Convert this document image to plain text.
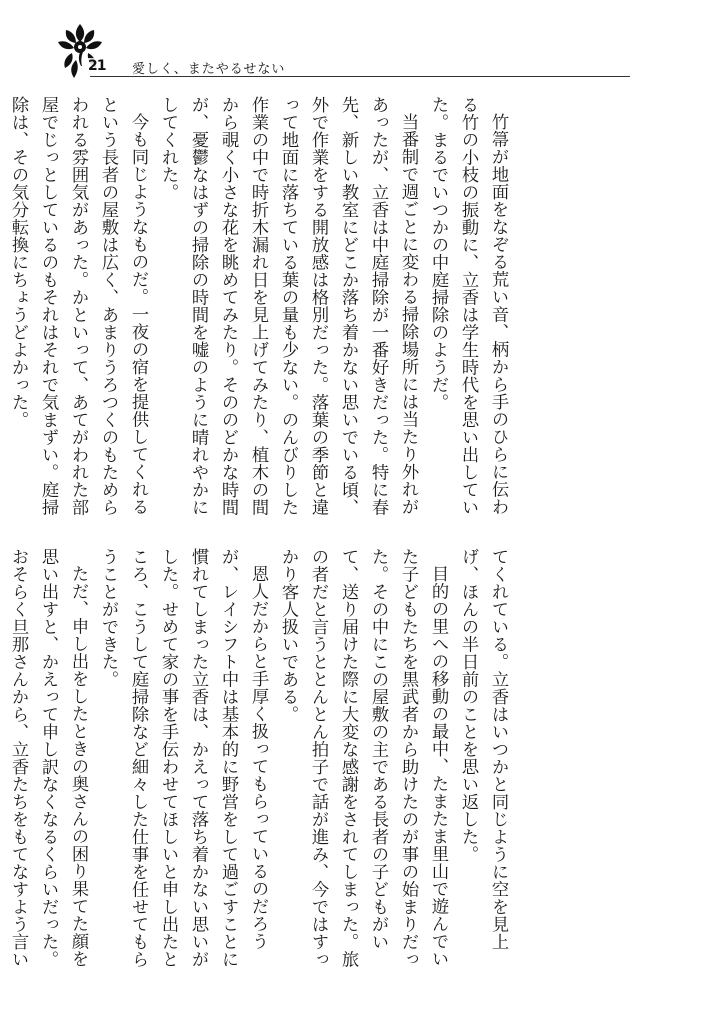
21 愛しく、またやるせない

竹箒が地面をなぞる荒い音、柄から手のひらに伝わる竹の小枝の振動に、立香は学生時代を思い出していた。まるでいつかの中庭掃除のようだ。

当番制で週ごとに変わる掃除場所には当たり外れがあったが、立香は中庭掃除が一番好きだった。特に春先、新しい教室にどこか落ち着かない思いでいる頃、外で作業をする開放感は格別だった。落葉の季節と違って地面に落ちている葉の量も少ない。のんびりした作業の中で時折木漏れ日を見上げてみたり、植木の間から覗く小さな花を眺めてみたり。そののどかな時間が、憂鬱なはずの掃除の時間を嘘のように晴れやかにしてくれた。

今も同じようなものだ。一夜の宿を提供してくれるという長者の屋敷は広く、あまりうろつくのもためらわれる雰囲気があった。かといって、あてがわれた部屋でじっとしているのもそれはそれで気まずい。庭掃除は、その気分転換にちょうどよかった。

てくれている。立香はいつかと同じように空を見上げ、ほんの半日前のことを思い返した。

目的の里への移動の最中、たまたま里山で遊んでいた子どもたちを黒武者から助けたのが事の始まりだった。その中にこの屋敷の主である長者の子どもがいて、送り届けた際に大変な感謝をされてしまった。旅の者だと言うととんとん拍子で話が進み、今ではすっかり客人扱いである。

恩人だからと手厚く扱ってもらっているのだろうが、レイシフト中は基本的に野営をして過ごすことに慣れてしまった立香は、かえって落ち着かない思いがした。せめて家の事を手伝わせてほしいと申し出たところ、こうして庭掃除など細々した仕事を任せてもらうことができた。

ただ、申し出をしたときの奥さんの困り果てた顔を思い出すと、かえって申し訳なくなるくらいだった。おそらく旦那さんから、立香たちをもてなすよう言い
